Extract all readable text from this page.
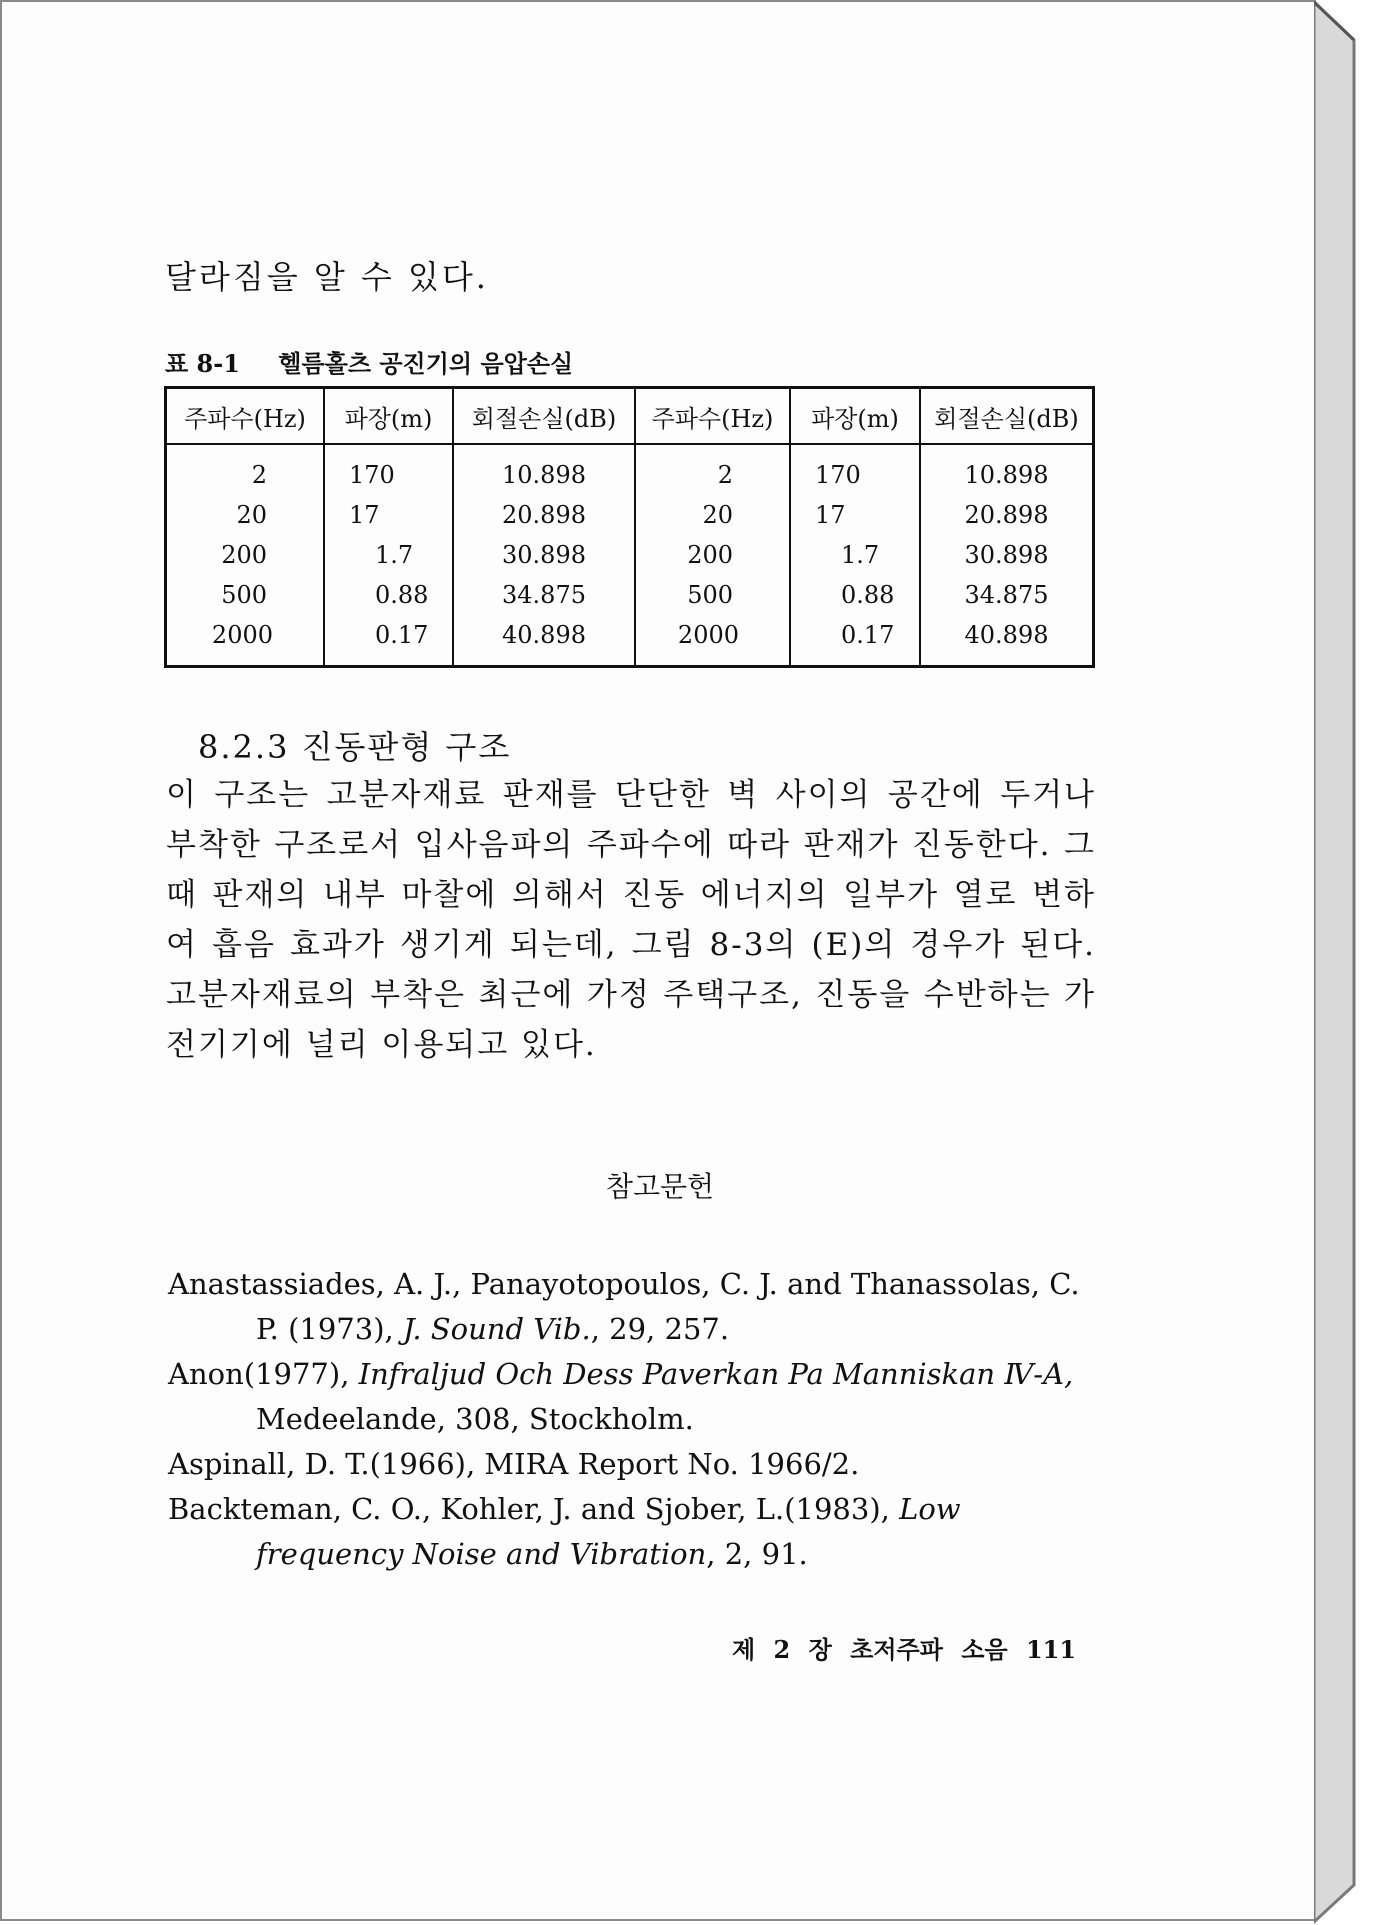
달라짐을 알 수 있다.
표 8-1 헬름홀츠 공진기의 음압손실
주파수(Hz)	파장(m)	회절손실(dB)	주파수(Hz)	파장(m)	회절손실(dB)
2	170	10.898	2	170	10.898
20	17	20.898	20	17	20.898
200	1.7	30.898	200	1.7	30.898
500	0.88	34.875	500	0.88	34.875
2000	0.17	40.898	2000	0.17	40.898
8.2.3 진동판형 구조
이 구조는 고분자재료 판재를 단단한 벽 사이의 공간에 두거나 부착한 구조로서 입사음파의 주파수에 따라 판재가 진동한다. 그 때 판재의 내부 마찰에 의해서 진동 에너지의 일부가 열로 변하여 흡음 효과가 생기게 되는데, 그림 8-3의 (E)의 경우가 된다. 고분자재료의 부착은 최근에 가정 주택구조, 진동을 수반하는 가전기기에 널리 이용되고 있다.
참고문헌
Anastassiades, A. J., Panayotopoulos, C. J. and Thanassolas, C. P. (1973), J. Sound Vib., 29, 257.
Anon(1977), Infraljud Och Dess Paverkan Pa Manniskan Ⅳ-A, Medeelande, 308, Stockholm.
Aspinall, D. T.(1966), MIRA Report No. 1966/2.
Backteman, C. O., Kohler, J. and Sjober, L.(1983), Low frequency Noise and Vibration, 2, 91.
제 2 장 초저주파 소음 111
